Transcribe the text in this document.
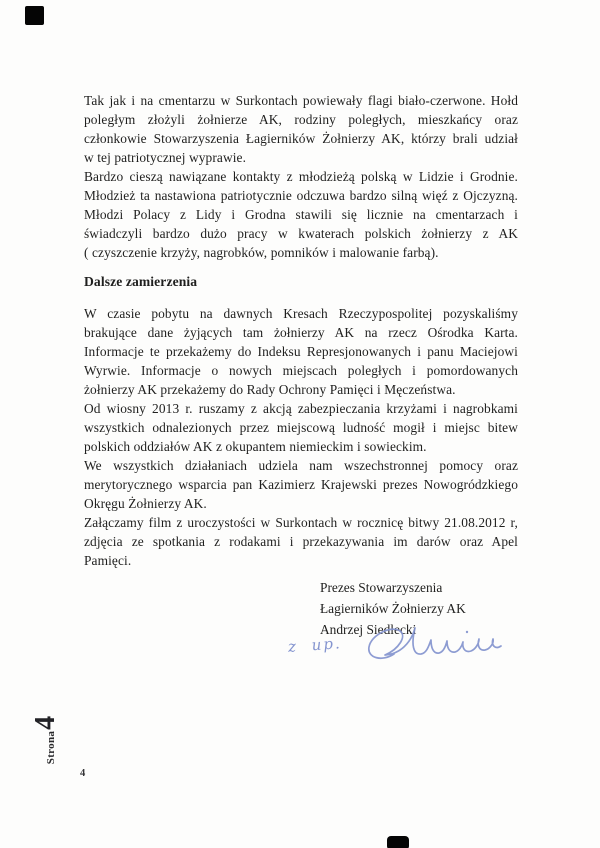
Tak jak i na cmentarzu w Surkontach powiewały flagi biało-czerwone. Hołd
poległym złożyli żołnierze AK, rodziny poległych, mieszkańcy oraz
członkowie Stowarzyszenia Łagierników Żołnierzy AK, którzy brali udział
w tej patriotycznej wyprawie.
Bardzo cieszą nawiązane kontakty z młodzieżą polską w Lidzie i Grodnie.
Młodzież ta nastawiona patriotycznie odczuwa bardzo silną więź z Ojczyzną.
Młodzi Polacy z Lidy i Grodna stawili się licznie na cmentarzach i
świadczyli bardzo dużo pracy w kwaterach polskich żołnierzy z AK
( czyszczenie krzyży, nagrobków, pomników i malowanie farbą).
Dalsze zamierzenia
W czasie pobytu na dawnych Kresach Rzeczypospolitej pozyskaliśmy
brakujące dane żyjących tam żołnierzy AK na rzecz Ośrodka Karta.
Informacje te przekażemy do Indeksu Represjonowanych i panu Maciejowi
Wyrwie. Informacje o nowych miejscach poległych i pomordowanych
żołnierzy AK przekażemy do Rady Ochrony Pamięci i Męczeństwa.
Od wiosny 2013 r. ruszamy z akcją zabezpieczania krzyżami i nagrobkami
wszystkich odnalezionych przez miejscową ludność mogił i miejsc bitew
polskich oddziałów AK z okupantem niemieckim i sowieckim.
We wszystkich działaniach udziela nam wszechstronnej pomocy oraz
merytorycznego wsparcia pan Kazimierz Krajewski prezes Nowogródzkiego
Okręgu Żołnierzy AK.
Załączamy film z uroczystości w Surkontach w rocznicę bitwy 21.08.2012 r,
zdjęcia ze spotkania z rodakami i przekazywania im darów oraz Apel
Pamięci.
Prezes Stowarzyszenia
Łagierników Żołnierzy AK
Andrzej Siedlecki
z up.
Strona
4
4
